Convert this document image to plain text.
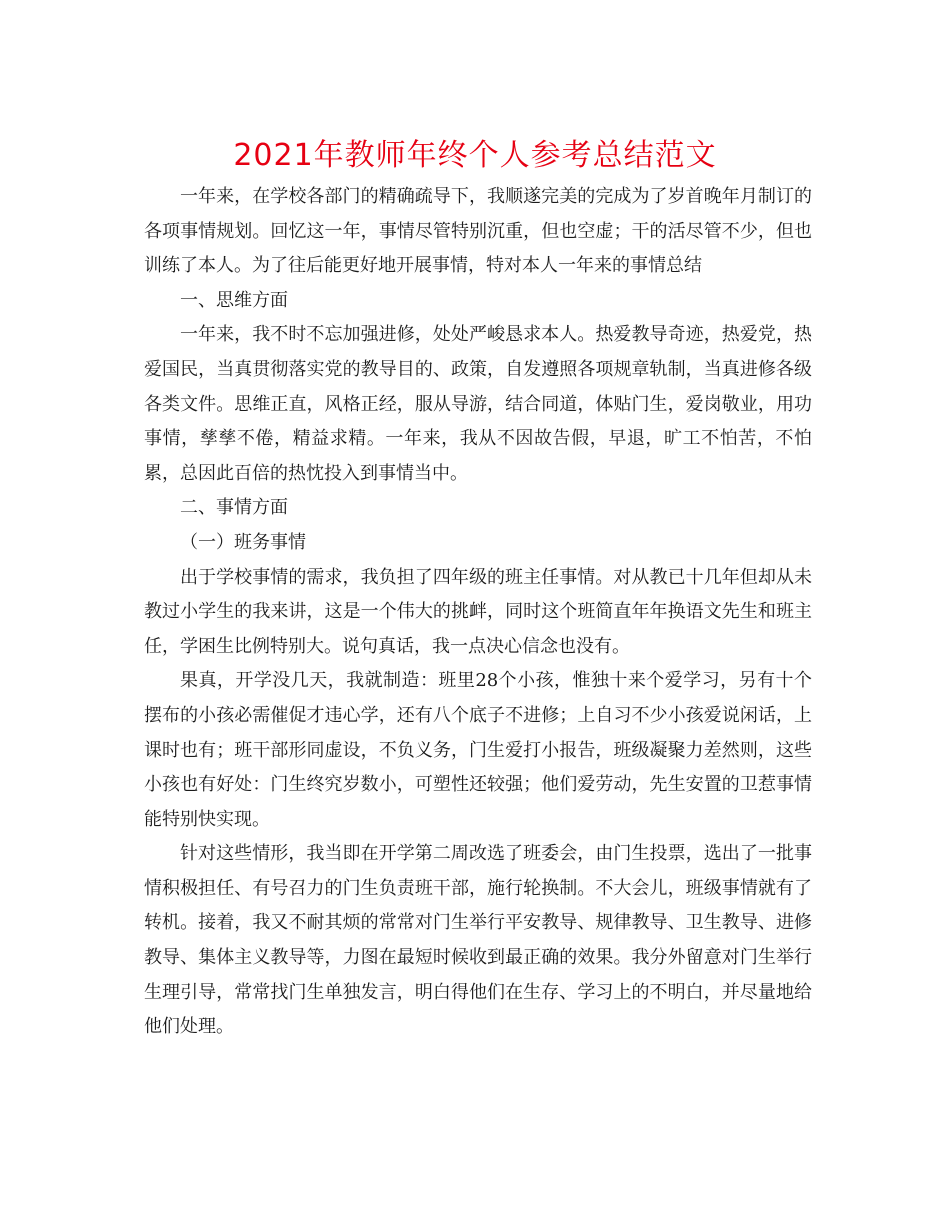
2021年教师年终个人参考总结范文

一年来，在学校各部门的精确疏导下，我顺遂完美的完成为了岁首晚年月制订的各项事情规划。回忆这一年，事情尽管特别沉重，但也空虚；干的活尽管不少，但也训练了本人。为了往后能更好地开展事情，特对本人一年来的事情总结

一、思维方面

一年来，我不时不忘加强进修，处处严峻恳求本人。热爱教导奇迹，热爱党，热爱国民，当真贯彻落实党的教导目的、政策，自发遵照各项规章轨制，当真进修各级各类文件。思维正直，风格正经，服从导游，结合同道，体贴门生，爱岗敬业，用功事情，孳孳不倦，精益求精。一年来，我从不因故告假，早退，旷工不怕苦，不怕累，总因此百倍的热忱投入到事情当中。

二、事情方面

（一）班务事情

出于学校事情的需求，我负担了四年级的班主任事情。对从教已十几年但却从未教过小学生的我来讲，这是一个伟大的挑衅，同时这个班简直年年换语文先生和班主任，学困生比例特别大。说句真话，我一点决心信念也没有。

果真，开学没几天，我就制造：班里28个小孩，惟独十来个爱学习，另有十个摆布的小孩必需催促才违心学，还有八个底子不进修；上自习不少小孩爱说闲话，上课时也有；班干部形同虚设，不负义务，门生爱打小报告，班级凝聚力差然则，这些小孩也有好处：门生终究岁数小，可塑性还较强；他们爱劳动，先生安置的卫惹事情能特别快实现。

针对这些情形，我当即在开学第二周改选了班委会，由门生投票，选出了一批事情积极担任、有号召力的门生负责班干部，施行轮换制。不大会儿，班级事情就有了转机。接着，我又不耐其烦的常常对门生举行平安教导、规律教导、卫生教导、进修教导、集体主义教导等，力图在最短时候收到最正确的效果。我分外留意对门生举行生理引导，常常找门生单独发言，明白得他们在生存、学习上的不明白，并尽量地给他们处理。
